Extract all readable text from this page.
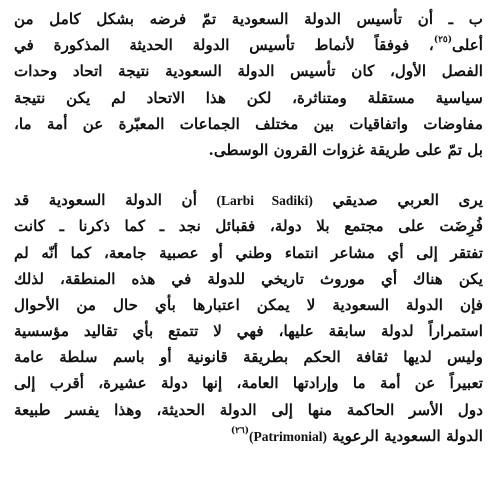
ب ـ أن تأسيس الدولة السعودية تمّ فرضه بشكل كامل من
أعلى$^{(٢٥)}$، فوفقاً لأنماط تأسيس الدولة الحديثة المذكورة في
الفصل الأول، كان تأسيس الدولة السعودية نتيجة اتحاد وحدات
سياسية مستقلة ومتناثرة، لكن هذا الاتحاد لم يكن نتيجة
مفاوضات واتفاقيات بين مختلف الجماعات المعبّرة عن أمة ما،
بل تمّ على طريقة غزوات القرون الوسطى.
يرى العربي صديقي (Larbi Sadiki) أن الدولة السعودية قد
فُرِضَت على مجتمع بلا دولة، فقبائل نجد ـ كما ذكرنا ـ كانت
تفتقر إلى أي مشاعر انتماء وطني أو عصبية جامعة، كما أنّه لم
يكن هناك أي موروث تاريخي للدولة في هذه المنطقة، لذلك
فإن الدولة السعودية لا يمكن اعتبارها بأي حال من الأحوال
استمراراً لدولة سابقة عليها، فهي لا تتمتع بأي تقاليد مؤسسية
وليس لديها ثقافة الحكم بطريقة قانونية أو باسم سلطة عامة
تعبيراً عن أمة ما وإرادتها العامة، إنها دولة عشيرة، أقرب إلى
دول الأسر الحاكمة منها إلى الدولة الحديثة، وهذا يفسر طبيعة
الدولة السعودية الرعوية (Patrimonial)$^{(٢٦)}$
